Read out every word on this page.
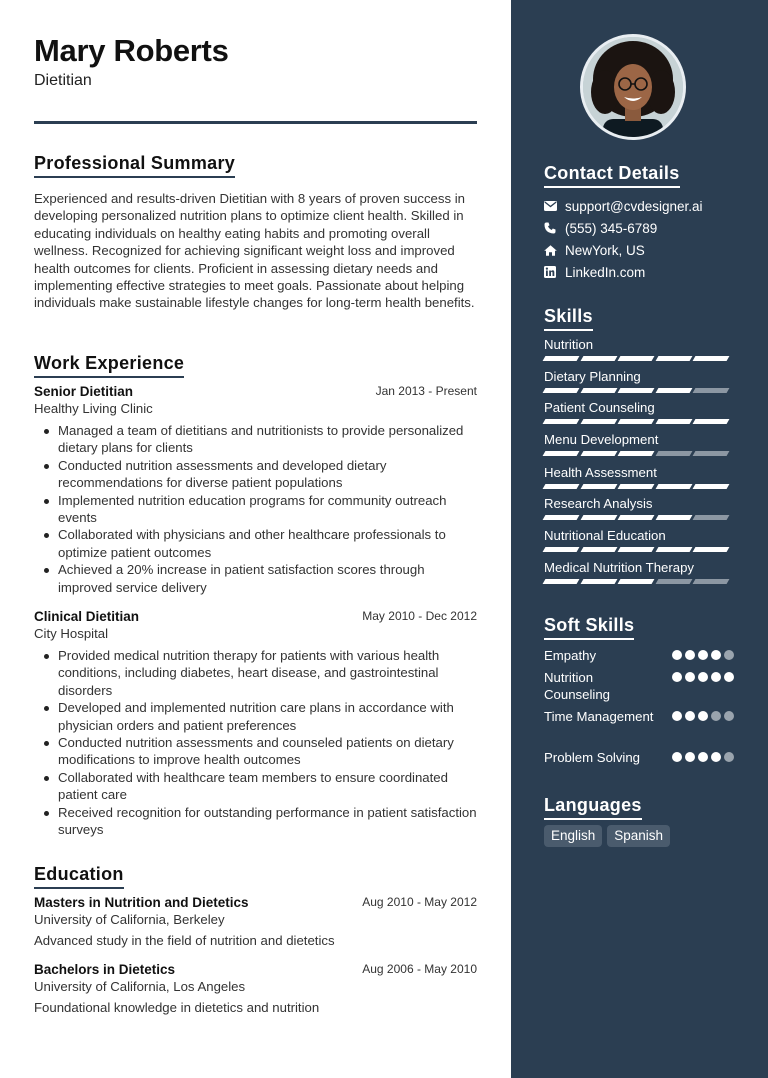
Mary Roberts
Dietitian
Professional Summary
Experienced and results-driven Dietitian with 8 years of proven success in developing personalized nutrition plans to optimize client health. Skilled in educating individuals on healthy eating habits and promoting overall wellness. Recognized for achieving significant weight loss and improved health outcomes for clients. Proficient in assessing dietary needs and implementing effective strategies to meet goals. Passionate about helping individuals make sustainable lifestyle changes for long-term health benefits.
Work Experience
Senior Dietitian	Jan 2013 - Present
Healthy Living Clinic
Managed a team of dietitians and nutritionists to provide personalized dietary plans for clients
Conducted nutrition assessments and developed dietary recommendations for diverse patient populations
Implemented nutrition education programs for community outreach events
Collaborated with physicians and other healthcare professionals to optimize patient outcomes
Achieved a 20% increase in patient satisfaction scores through improved service delivery
Clinical Dietitian	May 2010 - Dec 2012
City Hospital
Provided medical nutrition therapy for patients with various health conditions, including diabetes, heart disease, and gastrointestinal disorders
Developed and implemented nutrition care plans in accordance with physician orders and patient preferences
Conducted nutrition assessments and counseled patients on dietary modifications to improve health outcomes
Collaborated with healthcare team members to ensure coordinated patient care
Received recognition for outstanding performance in patient satisfaction surveys
Education
Masters in Nutrition and Dietetics	Aug 2010 - May 2012
University of California, Berkeley
Advanced study in the field of nutrition and dietetics
Bachelors in Dietetics	Aug 2006 - May 2010
University of California, Los Angeles
Foundational knowledge in dietetics and nutrition
Contact Details
support@cvdesigner.ai
(555) 345-6789
NewYork, US
LinkedIn.com
Skills
Nutrition
Dietary Planning
Patient Counseling
Menu Development
Health Assessment
Research Analysis
Nutritional Education
Medical Nutrition Therapy
Soft Skills
Empathy
Nutrition Counseling
Time Management
Problem Solving
Languages
English	Spanish
